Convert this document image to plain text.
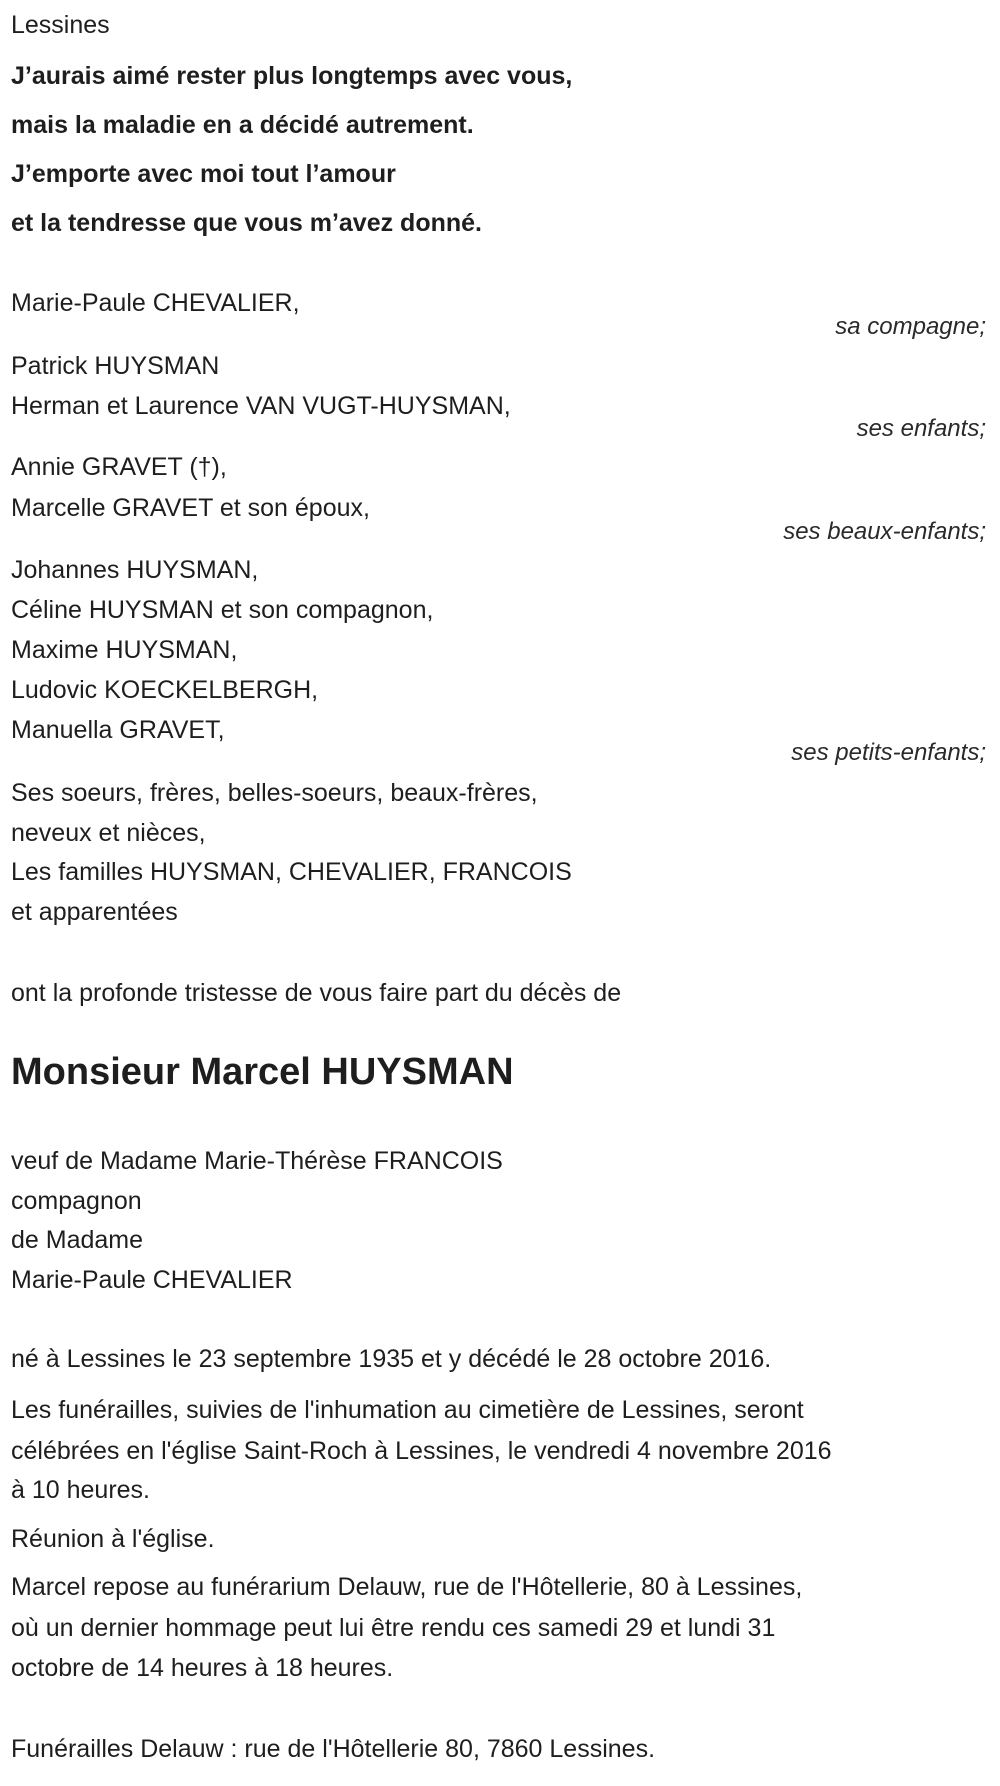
Lessines
J’aurais aimé rester plus longtemps avec vous,
mais la maladie en a décidé autrement.
J’emporte avec moi tout l’amour
et la tendresse que vous m’avez donné.
Marie-Paule CHEVALIER,
sa compagne;
Patrick HUYSMAN
Herman et Laurence VAN VUGT-HUYSMAN,
ses enfants;
Annie GRAVET (†),
Marcelle GRAVET et son époux,
ses beaux-enfants;
Johannes HUYSMAN,
Céline HUYSMAN et son compagnon,
Maxime HUYSMAN,
Ludovic KOECKELBERGH,
Manuella GRAVET,
ses petits-enfants;
Ses soeurs, frères, belles-soeurs, beaux-frères,
neveux et nièces,
Les familles HUYSMAN, CHEVALIER, FRANCOIS
et apparentées
ont la profonde tristesse de vous faire part du décès de
Monsieur Marcel HUYSMAN
veuf de Madame Marie-Thérèse FRANCOIS
compagnon
de Madame
Marie-Paule CHEVALIER
né à Lessines le 23 septembre 1935 et y décédé le 28 octobre 2016.
Les funérailles, suivies de l'inhumation au cimetière de Lessines, seront
célébrées en l'église Saint-Roch à Lessines, le vendredi 4 novembre 2016
à 10 heures.
Réunion à l'église.
Marcel repose au funérarium Delauw, rue de l'Hôtellerie, 80 à Lessines,
où un dernier hommage peut lui être rendu ces samedi 29 et lundi 31
octobre de 14 heures à 18 heures.
Funérailles Delauw : rue de l'Hôtellerie 80, 7860 Lessines.
